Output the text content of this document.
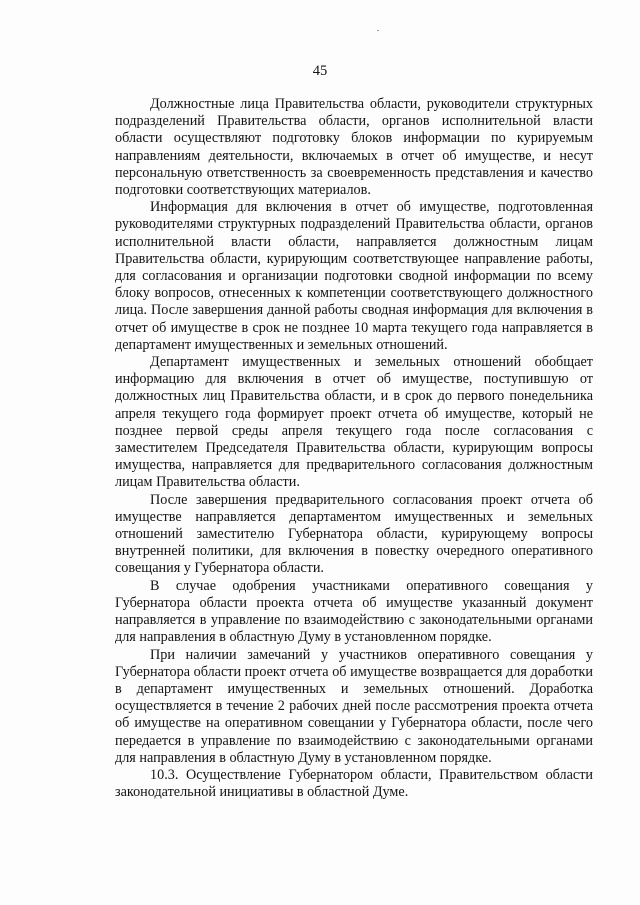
45

Должностные лица Правительства области, руководители структурных подразделений Правительства области, органов исполнительной власти области осуществляют подготовку блоков информации по курируемым направлениям деятельности, включаемых в отчет об имуществе, и несут персональную ответственность за своевременность представления и качество подготовки соответствующих материалов.

Информация для включения в отчет об имуществе, подготовленная руководителями структурных подразделений Правительства области, органов исполнительной власти области, направляется должностным лицам Правительства области, курирующим соответствующее направление работы, для согласования и организации подготовки сводной информации по всему блоку вопросов, отнесенных к компетенции соответствующего должностного лица. После завершения данной работы сводная информация для включения в отчет об имуществе в срок не позднее 10 марта текущего года направляется в департамент имущественных и земельных отношений.

Департамент имущественных и земельных отношений обобщает информацию для включения в отчет об имуществе, поступившую от должностных лиц Правительства области, и в срок до первого понедельника апреля текущего года формирует проект отчета об имуществе, который не позднее первой среды апреля текущего года после согласования с заместителем Председателя Правительства области, курирующим вопросы имущества, направляется для предварительного согласования должностным лицам Правительства области.

После завершения предварительного согласования проект отчета об имуществе направляется департаментом имущественных и земельных отношений заместителю Губернатора области, курирующему вопросы внутренней политики, для включения в повестку очередного оперативного совещания у Губернатора области.

В случае одобрения участниками оперативного совещания у Губернатора области проекта отчета об имуществе указанный документ направляется в управление по взаимодействию с законодательными органами для направления в областную Думу в установленном порядке.

При наличии замечаний у участников оперативного совещания у Губернатора области проект отчета об имуществе возвращается для доработки в департамент имущественных и земельных отношений. Доработка осуществляется в течение 2 рабочих дней после рассмотрения проекта отчета об имуществе на оперативном совещании у Губернатора области, после чего передается в управление по взаимодействию с законодательными органами для направления в областную Думу в установленном порядке.

10.3. Осуществление Губернатором области, Правительством области законодательной инициативы в областной Думе.
